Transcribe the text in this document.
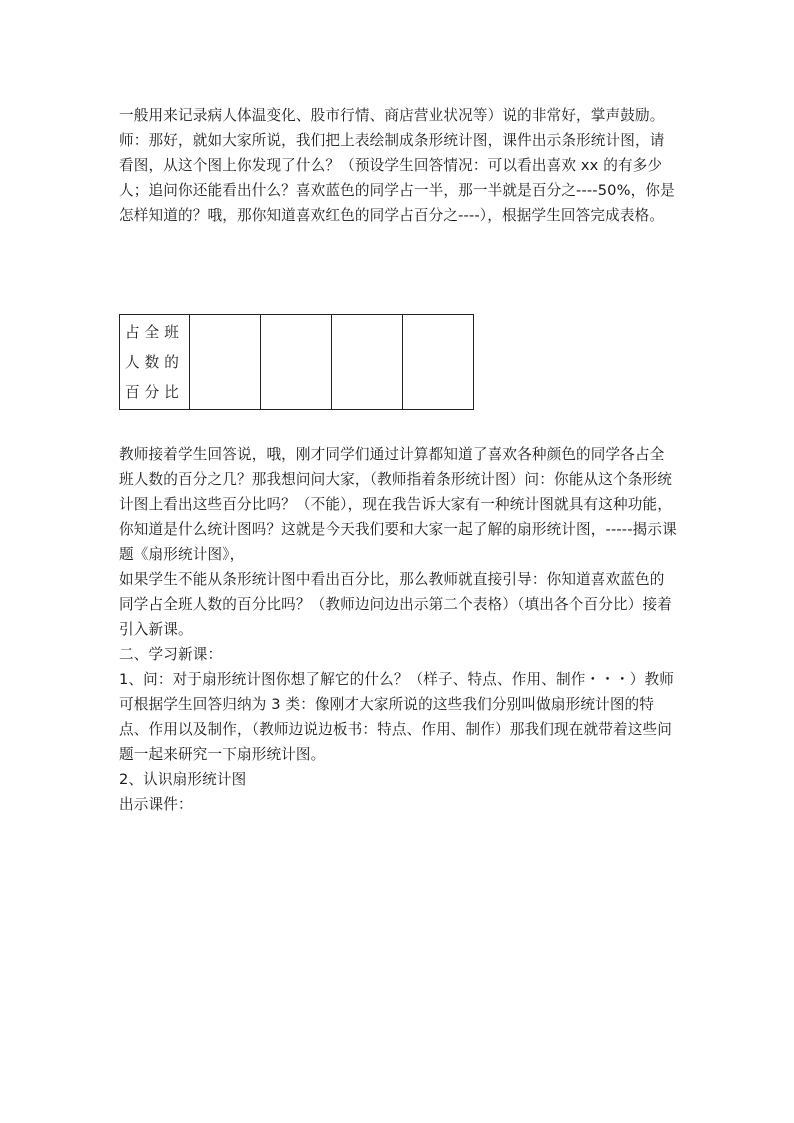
一般用来记录病人体温变化、股市行情、商店营业状况等）说的非常好，掌声鼓励。

师：那好，就如大家所说，我们把上表绘制成条形统计图，课件出示条形统计图，请看图，从这个图上你发现了什么？（预设学生回答情况：可以看出喜欢 xx 的有多少人；追问你还能看出什么？喜欢蓝色的同学占一半，那一半就是百分之----50%，你是怎样知道的？哦，那你知道喜欢红色的同学占百分之----），根据学生回答完成表格。

占全班人数的百分比				

教师接着学生回答说，哦，刚才同学们通过计算都知道了喜欢各种颜色的同学各占全班人数的百分之几？那我想问问大家，（教师指着条形统计图）问：你能从这个条形统计图上看出这些百分比吗？（不能），现在我告诉大家有一种统计图就具有这种功能，你知道是什么统计图吗？这就是今天我们要和大家一起了解的扇形统计图，-----揭示课题《扇形统计图》，

如果学生不能从条形统计图中看出百分比，那么教师就直接引导：你知道喜欢蓝色的同学占全班人数的百分比吗？（教师边问边出示第二个表格）（填出各个百分比）接着引入新课。

二、学习新课：

1、问：对于扇形统计图你想了解它的什么？（样子、特点、作用、制作・・・）教师可根据学生回答归纳为 3 类：像刚才大家所说的这些我们分别叫做扇形统计图的特点、作用以及制作，（教师边说边板书：特点、作用、制作）那我们现在就带着这些问题一起来研究一下扇形统计图。

2、认识扇形统计图

出示课件：
